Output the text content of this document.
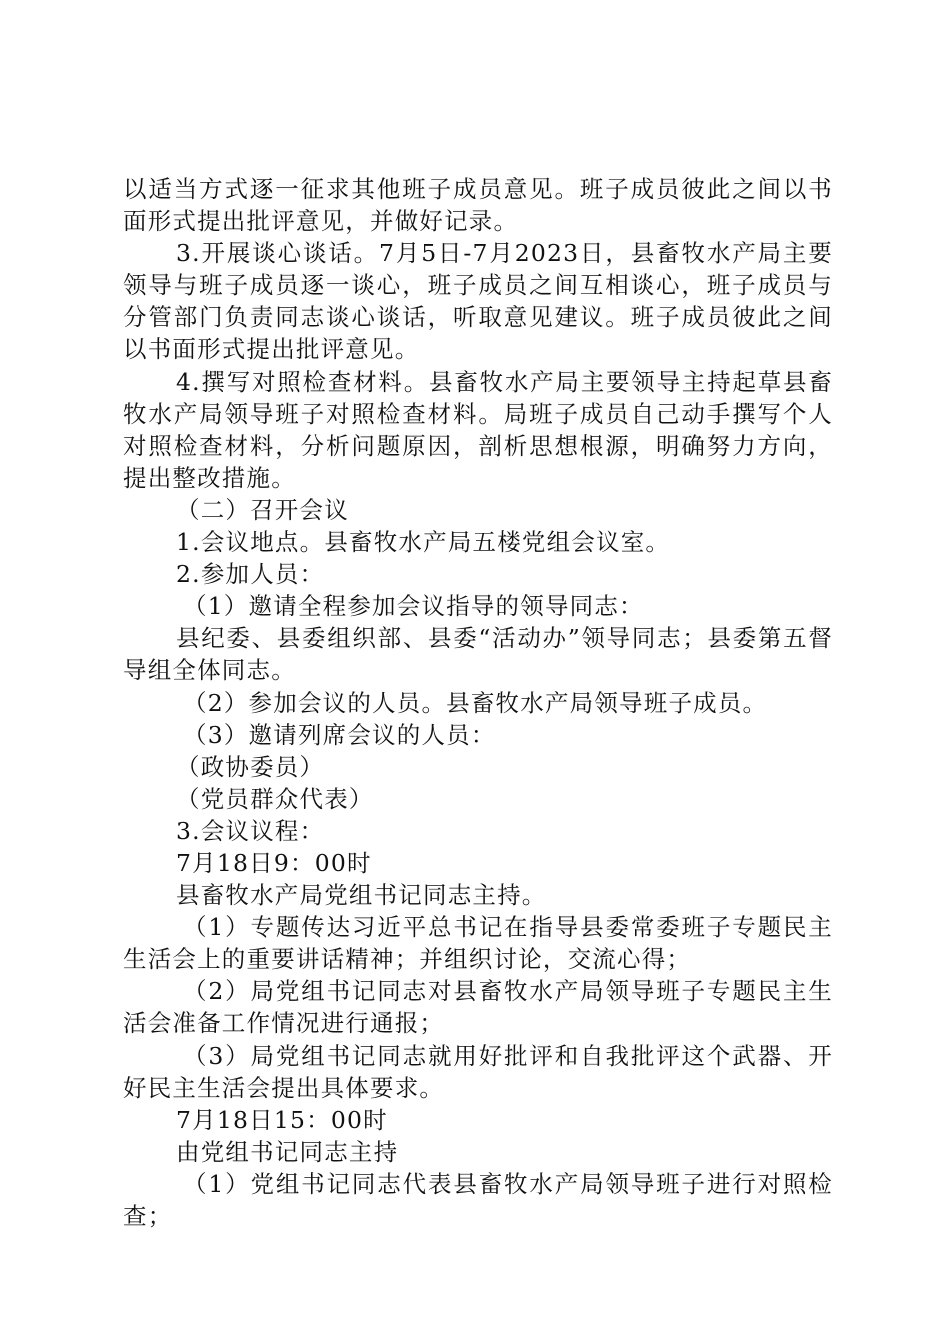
以适当方式逐一征求其他班子成员意见。班子成员彼此之间以书面形式提出批评意见，并做好记录。

3.开展谈心谈话。7月5日-7月2023日，县畜牧水产局主要领导与班子成员逐一谈心，班子成员之间互相谈心，班子成员与分管部门负责同志谈心谈话，听取意见建议。班子成员彼此之间以书面形式提出批评意见。

4.撰写对照检查材料。县畜牧水产局主要领导主持起草县畜牧水产局领导班子对照检查材料。局班子成员自己动手撰写个人对照检查材料，分析问题原因，剖析思想根源，明确努力方向，提出整改措施。

（二）召开会议

1.会议地点。县畜牧水产局五楼党组会议室。

2.参加人员：

（1）邀请全程参加会议指导的领导同志：

县纪委、县委组织部、县委“活动办”领导同志；县委第五督导组全体同志。

（2）参加会议的人员。县畜牧水产局领导班子成员。

（3）邀请列席会议的人员：

（政协委员）

（党员群众代表）

3.会议议程：

7月18日9：00时

县畜牧水产局党组书记同志主持。

（1）专题传达习近平总书记在指导县委常委班子专题民主生活会上的重要讲话精神；并组织讨论，交流心得；

（2）局党组书记同志对县畜牧水产局领导班子专题民主生活会准备工作情况进行通报；

（3）局党组书记同志就用好批评和自我批评这个武器、开好民主生活会提出具体要求。

7月18日15：00时

由党组书记同志主持

（1）党组书记同志代表县畜牧水产局领导班子进行对照检查；
